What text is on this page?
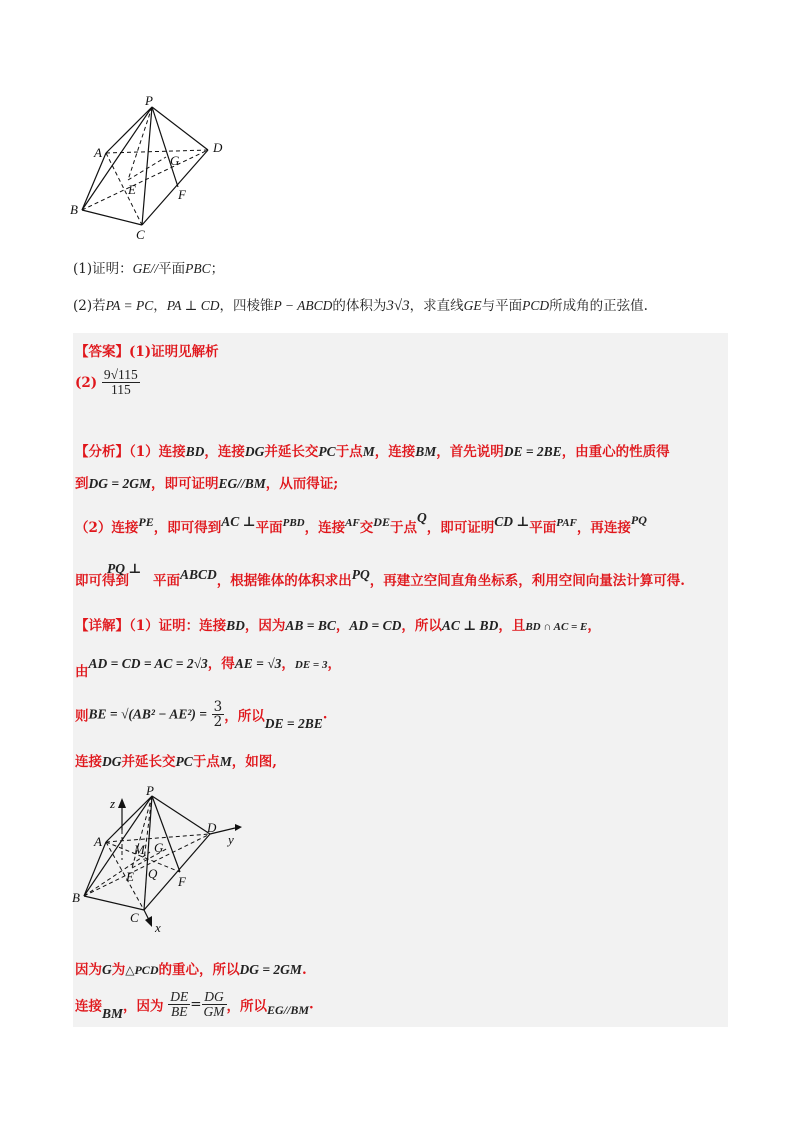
P
A
G
D
E	F
B
C
(1)证明：GE//平面PBC；
(2)若PA = PC，PA ⊥ CD，四棱锥P − ABCD的体积为3√3，求直线GE与平面PCD所成角的正弦值.
【答案】(1)证明见解析
$(2) \frac{9√115}{115}$
【分析】（1）连接BD，连接DG并延长交PC于点M，连接BM，首先说明DE = 2BE，由重心的性质得
到DG = 2GM，即可证明EG//BM，从而得证;
（2）连接PE，即可得到AC ⊥平面$^{PBD}$，连接$^{AF}$交DE于点Q，即可证明CD ⊥平面$^{PAF}$，再连接PQ
PQ ⊥
即可得到 平面ABCD，根据锥体的体积求出PQ，再建立空间直角坐标系，利用空间向量法计算可得.
【详解】（1）证明：连接BD，因为AB = BC，AD = CD，所以AC ⊥ BD，且BD ∩ AC = E，
由AD = CD = AC = 2√3，得AE = √3，DE = 3，
则BE = $√(AB^2 - AE^2) = \frac{3}{2}$ ，所以DE = 2BE.
连接DG并延长交PC于点M，如图,
z
P
A
M G
D
y
E Q
F
B
C
x
因为G为△PCD的重心，所以DG = 2GM.
连接BM，因为 $\frac{DE}{BE} = \frac{DG}{GM}$ ，所以EG//BM.
